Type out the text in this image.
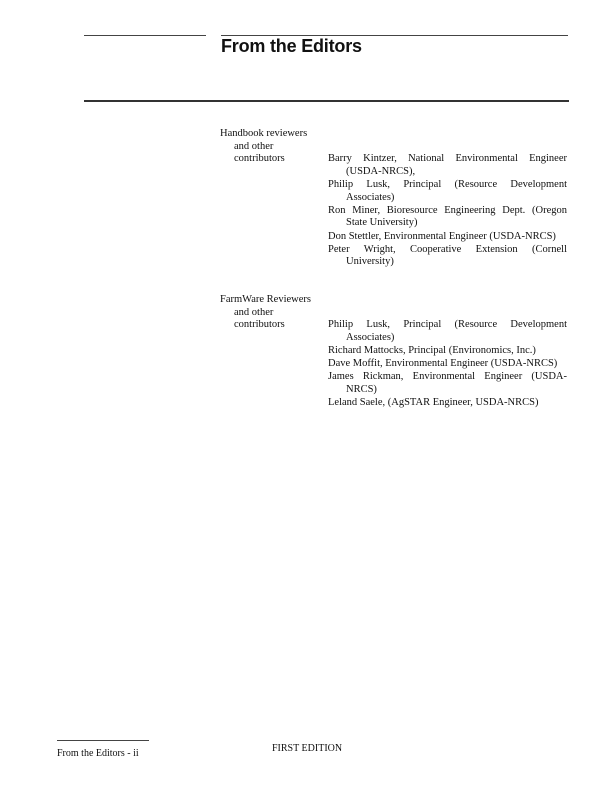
From the Editors
Handbook reviewers
and other
contributors	Barry Kintzer, National Environmental Engineer (USDA-NRCS),
Philip Lusk, Principal (Resource Development Associates)
Ron Miner, Bioresource Engineering Dept. (Oregon State University)
Don Stettler, Environmental Engineer (USDA-NRCS)
Peter Wright, Cooperative Extension (Cornell University)
FarmWare Reviewers
and other
contributors	Philip Lusk, Principal (Resource Development Associates)
Richard Mattocks, Principal (Environomics, Inc.)
Dave Moffit, Environmental Engineer (USDA-NRCS)
James Rickman, Environmental Engineer (USDA-NRCS)
Leland Saele, (AgSTAR Engineer, USDA-NRCS)
From the Editors - ii	FIRST EDITION
